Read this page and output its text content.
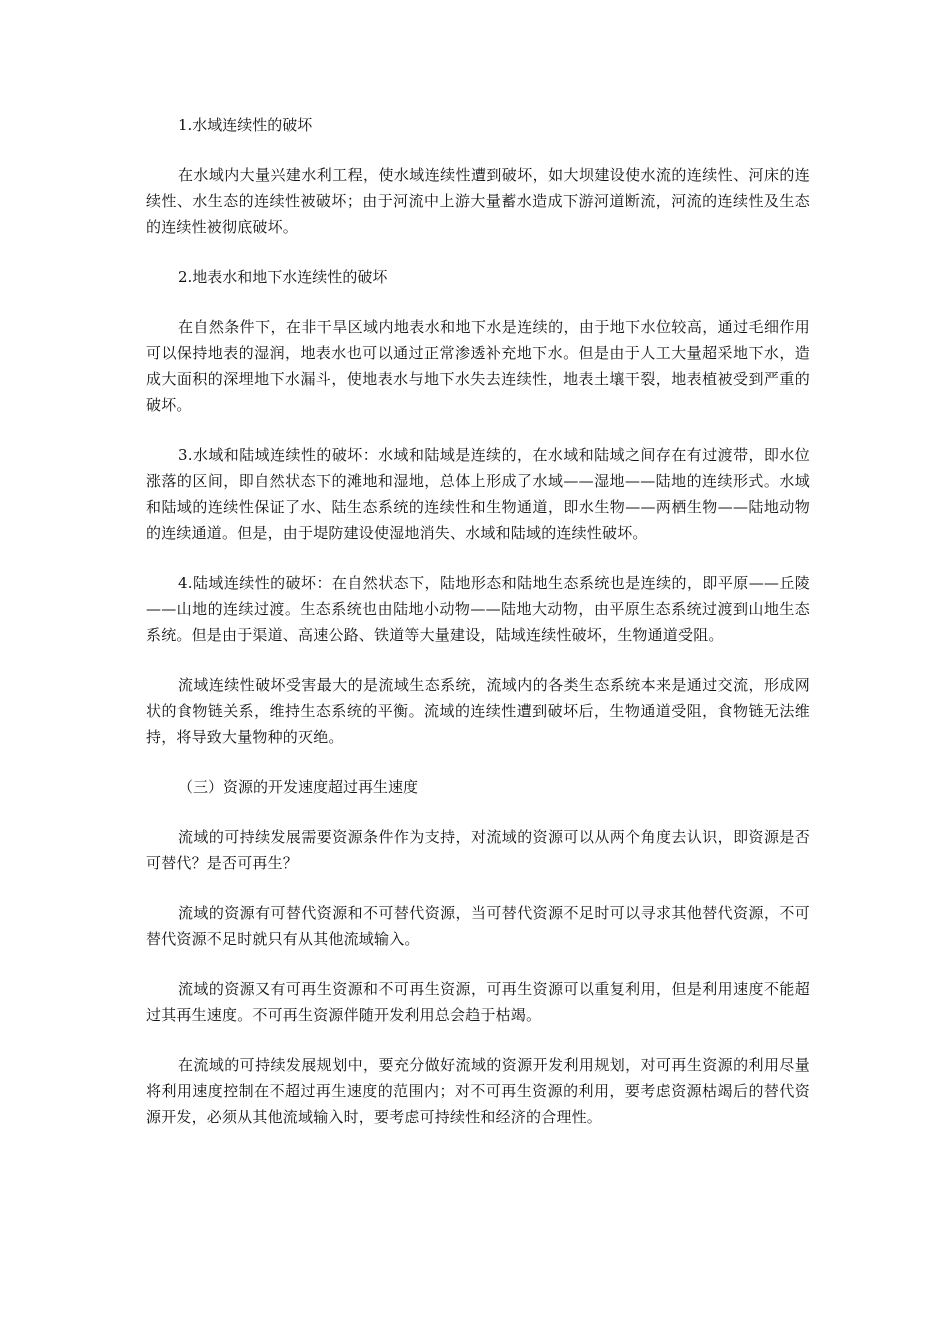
1.水域连续性的破坏

在水域内大量兴建水利工程，使水域连续性遭到破坏，如大坝建设使水流的连续性、河床的连续性、水生态的连续性被破坏；由于河流中上游大量蓄水造成下游河道断流，河流的连续性及生态的连续性被彻底破坏。

2.地表水和地下水连续性的破坏

在自然条件下，在非干旱区域内地表水和地下水是连续的，由于地下水位较高，通过毛细作用可以保持地表的湿润，地表水也可以通过正常渗透补充地下水。但是由于人工大量超采地下水，造成大面积的深埋地下水漏斗，使地表水与地下水失去连续性，地表土壤干裂，地表植被受到严重的破坏。

3.水域和陆域连续性的破坏：水域和陆域是连续的，在水域和陆域之间存在有过渡带，即水位涨落的区间，即自然状态下的滩地和湿地，总体上形成了水域——湿地——陆地的连续形式。水域和陆域的连续性保证了水、陆生态系统的连续性和生物通道，即水生物——两栖生物——陆地动物的连续通道。但是，由于堤防建设使湿地消失、水域和陆域的连续性破坏。

4.陆域连续性的破坏：在自然状态下，陆地形态和陆地生态系统也是连续的，即平原——丘陵——山地的连续过渡。生态系统也由陆地小动物——陆地大动物，由平原生态系统过渡到山地生态系统。但是由于渠道、高速公路、铁道等大量建设，陆域连续性破坏，生物通道受阻。

流域连续性破坏受害最大的是流域生态系统，流域内的各类生态系统本来是通过交流，形成网状的食物链关系，维持生态系统的平衡。流域的连续性遭到破坏后，生物通道受阻，食物链无法维持，将导致大量物种的灭绝。

（三）资源的开发速度超过再生速度

流域的可持续发展需要资源条件作为支持，对流域的资源可以从两个角度去认识，即资源是否可替代？是否可再生？

流域的资源有可替代资源和不可替代资源，当可替代资源不足时可以寻求其他替代资源，不可替代资源不足时就只有从其他流域输入。

流域的资源又有可再生资源和不可再生资源，可再生资源可以重复利用，但是利用速度不能超过其再生速度。不可再生资源伴随开发利用总会趋于枯竭。

在流域的可持续发展规划中，要充分做好流域的资源开发利用规划，对可再生资源的利用尽量将利用速度控制在不超过再生速度的范围内；对不可再生资源的利用，要考虑资源枯竭后的替代资源开发，必须从其他流域输入时，要考虑可持续性和经济的合理性。
